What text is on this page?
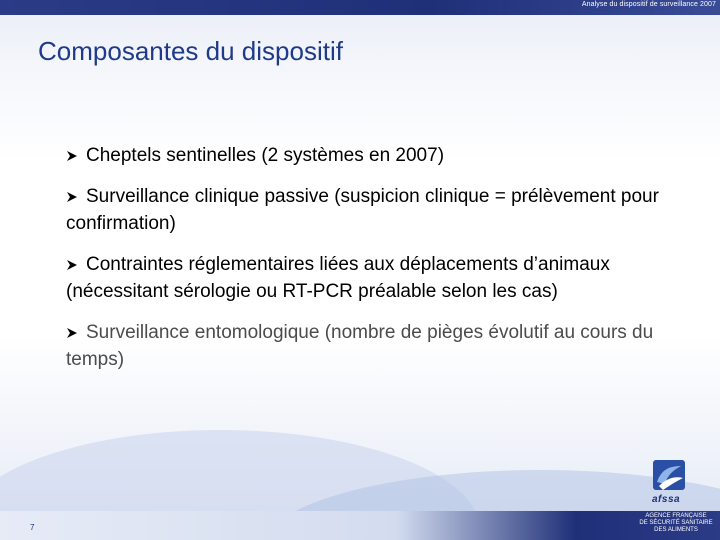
Analyse du dispositif de surveillance 2007
Composantes du dispositif
Cheptels sentinelles (2 systèmes en 2007)
Surveillance clinique passive (suspicion clinique = prélèvement pour confirmation)
Contraintes réglementaires liées aux déplacements d’animaux (nécessitant sérologie ou RT-PCR préalable selon les cas)
Surveillance entomologique (nombre de pièges évolutif au cours du temps)
7
afssa
AGENCE FRANÇAISE
DE SÉCURITÉ SANITAIRE
DES ALIMENTS
